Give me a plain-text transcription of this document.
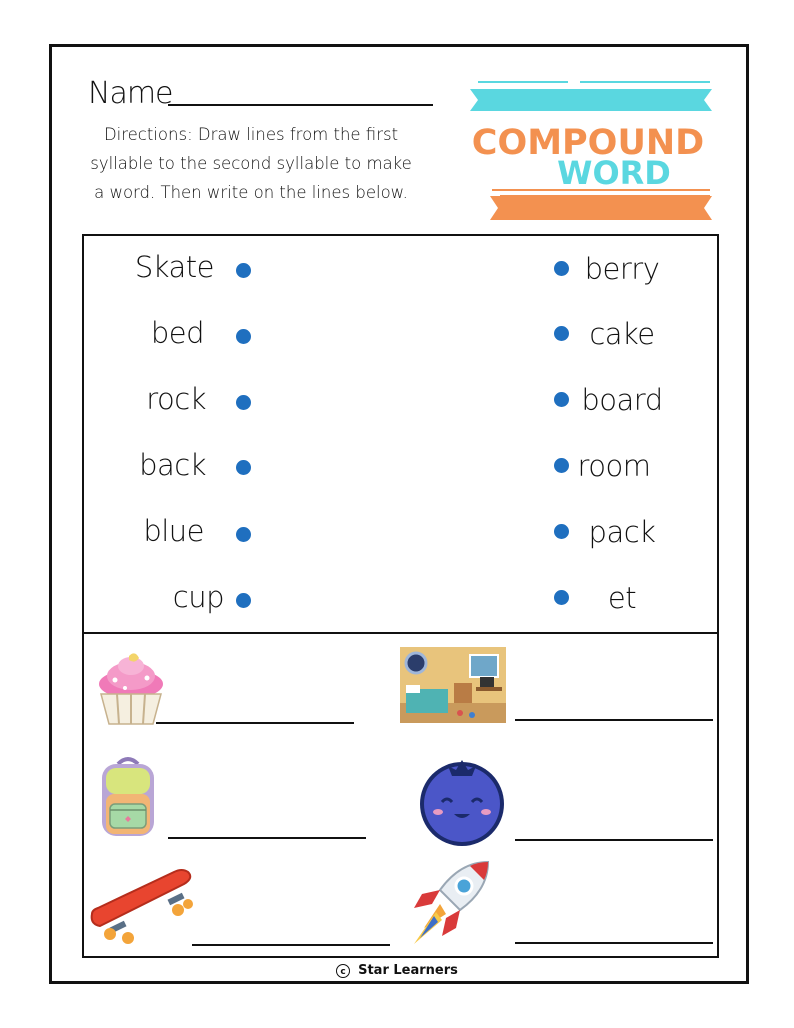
Name
Directions: Draw lines from the first syllable to the second syllable to make a word. Then write on the lines below.
COMPOUND
WORD
Skate
bed
rock
back
blue
cup
berry
cake
board
room
pack
et
c Star Learners
